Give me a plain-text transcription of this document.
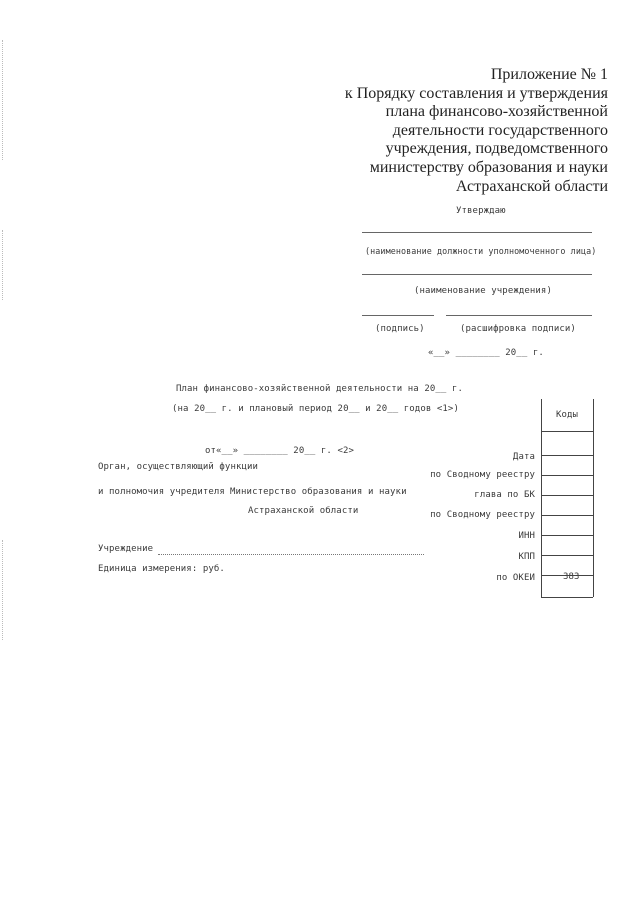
Приложение № 1
к Порядку составления и утверждения
плана финансово-хозяйственной
деятельности государственного
учреждения, подведомственного
министерству образования и науки
Астраханской области
Утверждаю
(наименование должности уполномоченного лица)
(наименование учреждения)
(подпись)	(расшифровка подписи)
«__» ________ 20__ г.
План финансово-хозяйственной деятельности на 20__ г.
(на 20__ г. и плановый период 20__ и 20__ годов <1>)
от«__» ________ 20__ г. <2>
Орган, осуществляющий функции
и полномочия учредителя Министерство образования и науки
Астраханской области
Учреждение
Единица измерения: руб.
Дата
по Сводному реестру
глава по БК
по Сводному реестру
ИНН
КПП
по ОКЕИ
Коды
383
